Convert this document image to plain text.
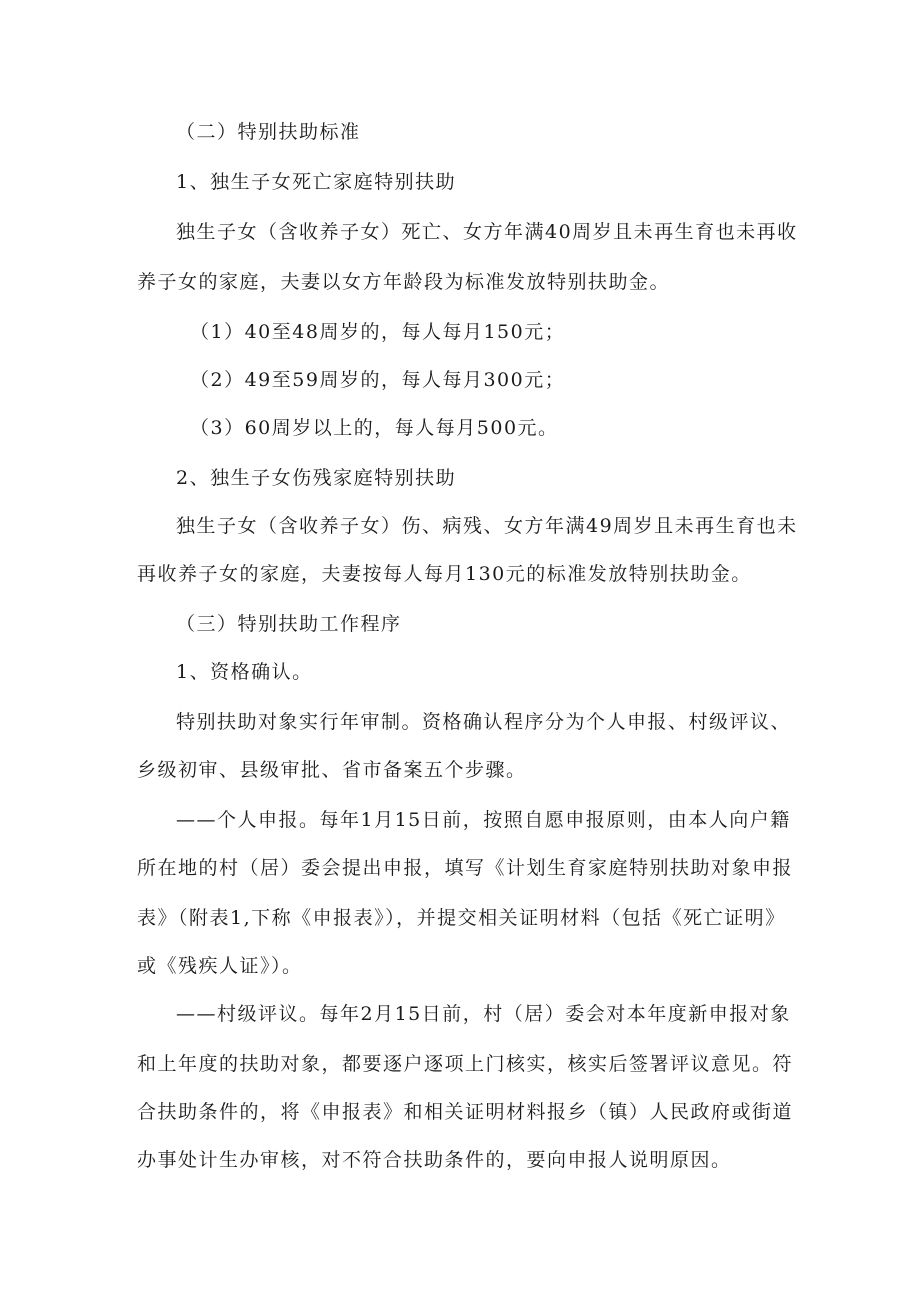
（二）特别扶助标准
1、独生子女死亡家庭特别扶助
独生子女（含收养子女）死亡、女方年满40周岁且未再生育也未再收
养子女的家庭，夫妻以女方年龄段为标准发放特别扶助金。
（1）40至48周岁的，每人每月150元；
（2）49至59周岁的，每人每月300元；
（3）60周岁以上的，每人每月500元。
2、独生子女伤残家庭特别扶助
独生子女（含收养子女）伤、病残、女方年满49周岁且未再生育也未
再收养子女的家庭，夫妻按每人每月130元的标准发放特别扶助金。
（三）特别扶助工作程序
1、资格确认。
特别扶助对象实行年审制。资格确认程序分为个人申报、村级评议、
乡级初审、县级审批、省市备案五个步骤。
——个人申报。每年1月15日前，按照自愿申报原则，由本人向户籍
所在地的村（居）委会提出申报，填写《计划生育家庭特别扶助对象申报
表》（附表1,下称《申报表》），并提交相关证明材料（包括《死亡证明》
或《残疾人证》）。
——村级评议。每年2月15日前，村（居）委会对本年度新申报对象
和上年度的扶助对象，都要逐户逐项上门核实，核实后签署评议意见。符
合扶助条件的，将《申报表》和相关证明材料报乡（镇）人民政府或街道
办事处计生办审核，对不符合扶助条件的，要向申报人说明原因。
